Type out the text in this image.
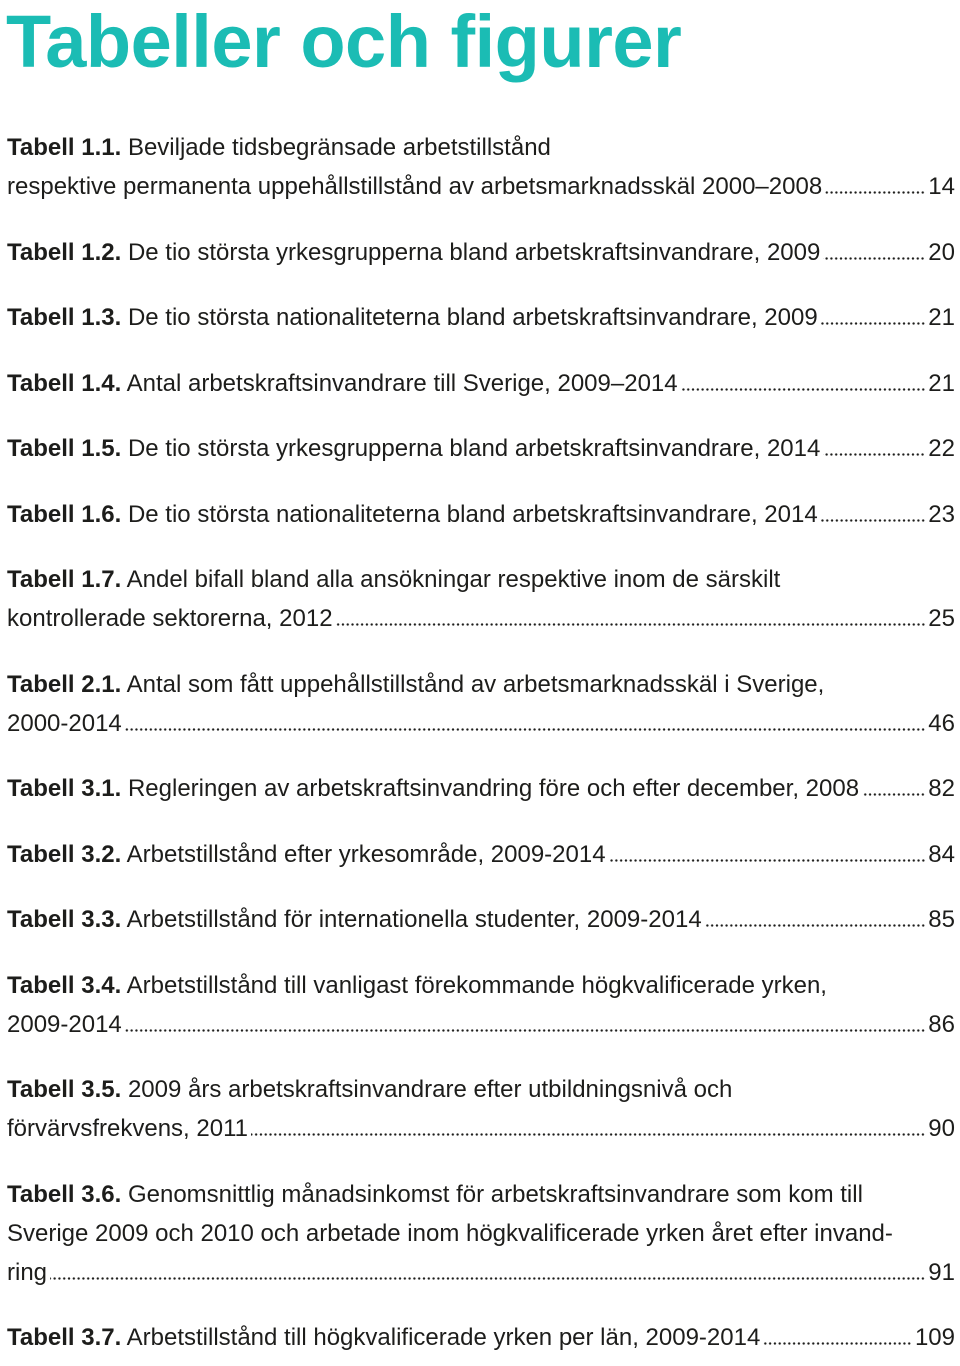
Tabeller och figurer
Tabell 1.1. Beviljade tidsbegränsade arbetstillstånd
respektive permanenta uppehållstillstånd av arbetsmarknadsskäl 2000–2008	14
Tabell 1.2. De tio största yrkesgrupperna bland arbetskraftsinvandrare, 2009	20
Tabell 1.3. De tio största nationaliteterna bland arbetskraftsinvandrare, 2009	21
Tabell 1.4. Antal arbetskraftsinvandrare till Sverige, 2009–2014	21
Tabell 1.5. De tio största yrkesgrupperna bland arbetskraftsinvandrare, 2014	22
Tabell 1.6. De tio största nationaliteterna bland arbetskraftsinvandrare, 2014	23
Tabell 1.7. Andel bifall bland alla ansökningar respektive inom de särskilt
kontrollerade sektorerna, 2012	25
Tabell 2.1. Antal som fått uppehållstillstånd av arbetsmarknadsskäl i Sverige,
2000-2014	46
Tabell 3.1. Regleringen av arbetskraftsinvandring före och efter december, 2008	82
Tabell 3.2. Arbetstillstånd efter yrkesområde, 2009-2014	84
Tabell 3.3. Arbetstillstånd för internationella studenter, 2009-2014	85
Tabell 3.4. Arbetstillstånd till vanligast förekommande högkvalificerade yrken,
2009-2014	86
Tabell 3.5. 2009 års arbetskraftsinvandrare efter utbildningsnivå och
förvärvsfrekvens, 2011	90
Tabell 3.6. Genomsnittlig månadsinkomst för arbetskraftsinvandrare som kom till
Sverige 2009 och 2010 och arbetade inom högkvalificerade yrken året efter invand-
ring	91
Tabell 3.7. Arbetstillstånd till högkvalificerade yrken per län, 2009-2014	109
